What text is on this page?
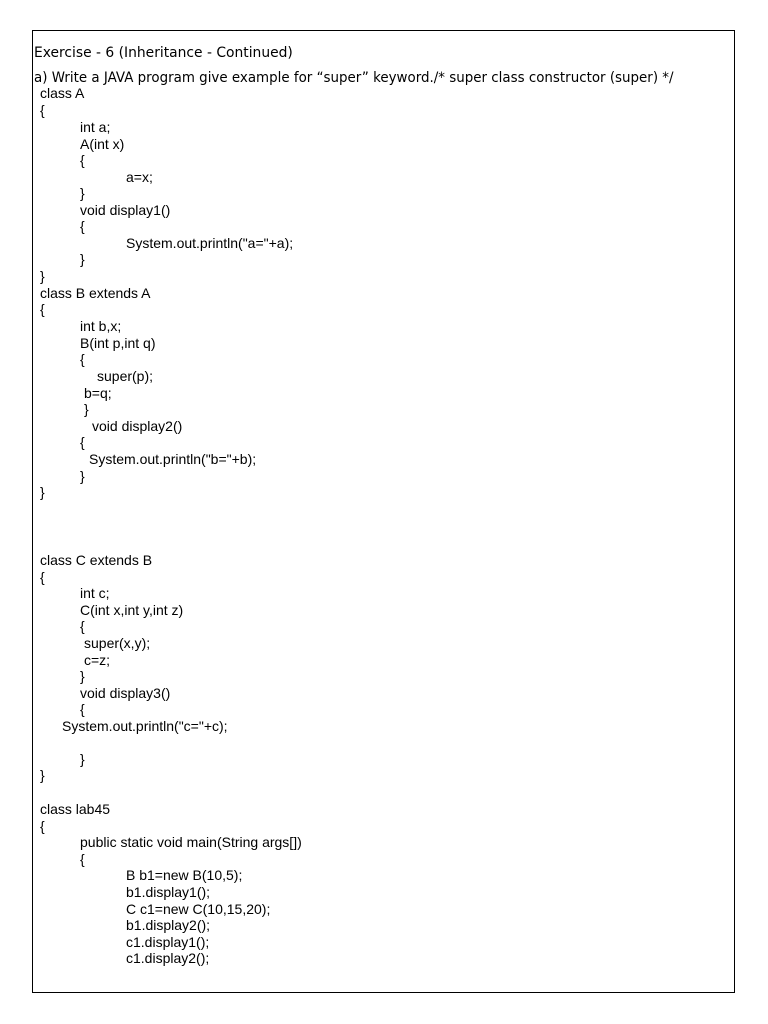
Exercise - 6 (Inheritance - Continued)
a) Write a JAVA program give example for “super” keyword./* super class constructor (super) */
class A
{
int a;
A(int x)
{
a=x;
}
void display1()
{
System.out.println("a="+a);
}
}
class B extends A
{
int b,x;
B(int p,int q)
{
super(p);
b=q;
}
void display2()
{
System.out.println("b="+b);
}
}
class C extends B
{
int c;
C(int x,int y,int z)
{
super(x,y);
c=z;
}
void display3()
{
System.out.println("c="+c);
}
}
class lab45
{
public static void main(String args[])
{
B b1=new B(10,5);
b1.display1();
C c1=new C(10,15,20);
b1.display2();
c1.display1();
c1.display2();
